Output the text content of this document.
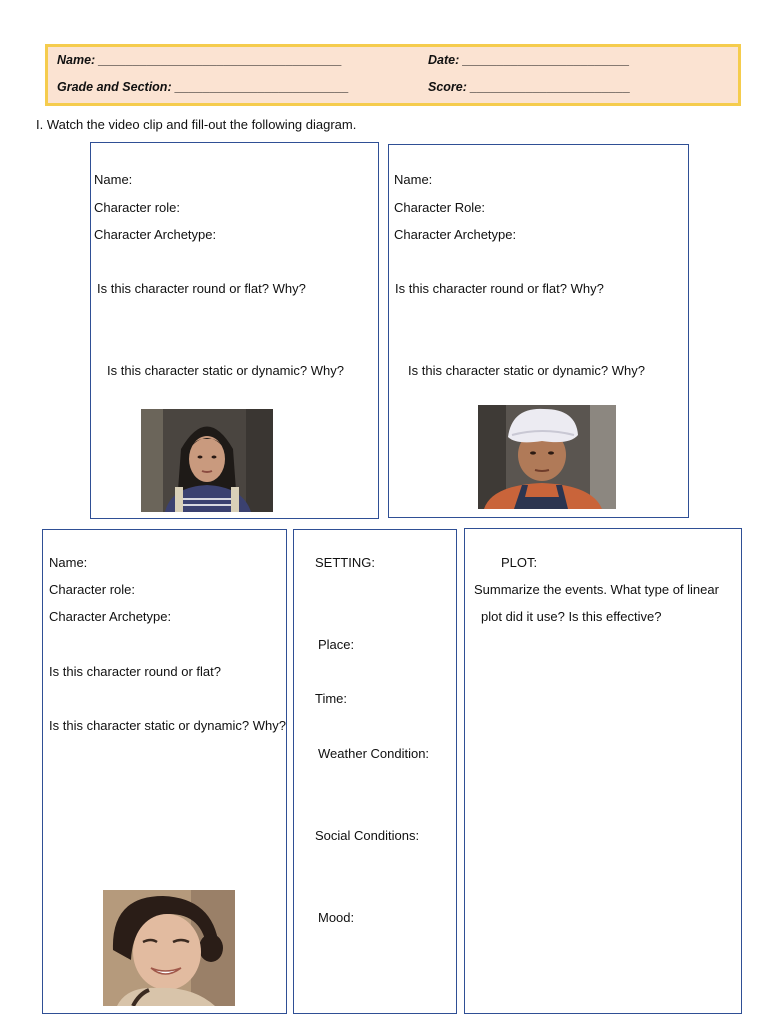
Name: ___________________________________	Date: ________________________
Grade and Section: _________________________	Score: _______________________
I. Watch the video clip and fill-out the following diagram.
Name:
Character role:
Character Archetype:
Is this character round or flat? Why?
Is this character static or dynamic? Why?
Name:
Character Role:
Character Archetype:
Is this character round or flat? Why?
Is this character static or dynamic? Why?
Name:
Character role:
Character Archetype:
Is this character round or flat?
Is this character static or dynamic? Why?
SETTING:
Place:
Time:
Weather Condition:
Social Conditions:
Mood:
PLOT:
Summarize the events. What type of linear
plot did it use? Is this effective?
